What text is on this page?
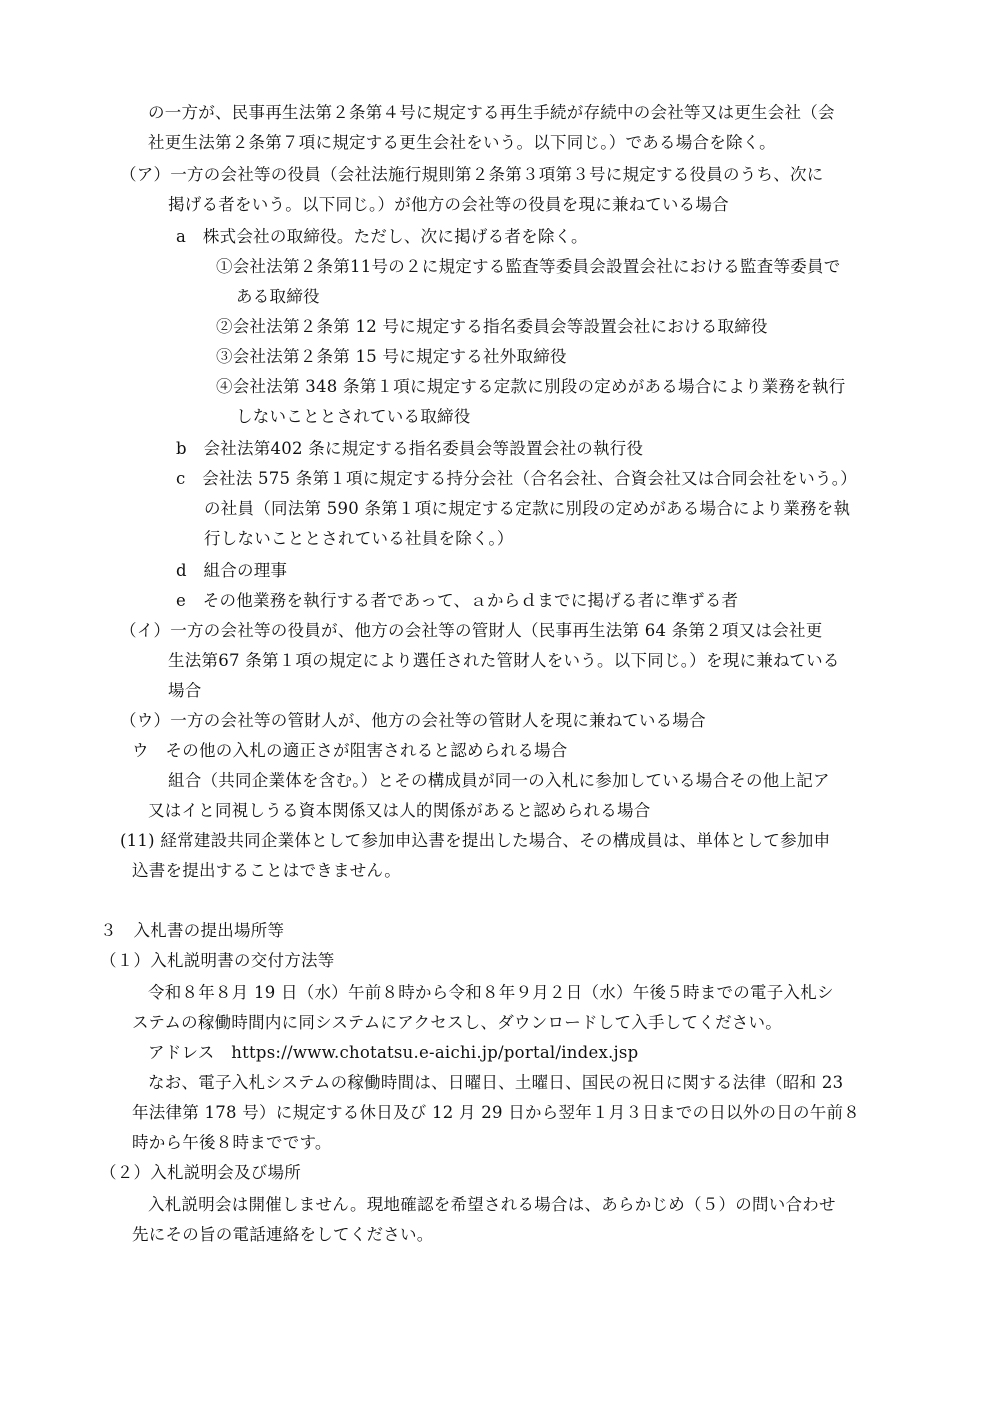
の一方が、民事再生法第２条第４号に規定する再生手続が存続中の会社等又は更生会社（会

社更生法第２条第７項に規定する更生会社をいう。以下同じ。）である場合を除く。

（ア）一方の会社等の役員（会社法施行規則第２条第３項第３号に規定する役員のうち、次に

掲げる者をいう。以下同じ。）が他方の会社等の役員を現に兼ねている場合

a　株式会社の取締役。ただし、次に掲げる者を除く。

①会社法第２条第11号の２に規定する監査等委員会設置会社における監査等委員で

ある取締役

②会社法第２条第 12 号に規定する指名委員会等設置会社における取締役

③会社法第２条第 15 号に規定する社外取締役

④会社法第 348 条第１項に規定する定款に別段の定めがある場合により業務を執行

しないこととされている取締役

b　会社法第402 条に規定する指名委員会等設置会社の執行役

c　会社法 575 条第１項に規定する持分会社（合名会社、合資会社又は合同会社をいう。）

の社員（同法第 590 条第１項に規定する定款に別段の定めがある場合により業務を執

行しないこととされている社員を除く。）

d　組合の理事

e　その他業務を執行する者であって、ａからｄまでに掲げる者に準ずる者

（イ）一方の会社等の役員が、他方の会社等の管財人（民事再生法第 64 条第２項又は会社更

生法第67 条第１項の規定により選任された管財人をいう。以下同じ。）を現に兼ねている

場合

（ウ）一方の会社等の管財人が、他方の会社等の管財人を現に兼ねている場合

ウ　その他の入札の適正さが阻害されると認められる場合

組合（共同企業体を含む。）とその構成員が同一の入札に参加している場合その他上記ア

又はイと同視しうる資本関係又は人的関係があると認められる場合

(11) 経常建設共同企業体として参加申込書を提出した場合、その構成員は、単体として参加申

込書を提出することはできません。

３　入札書の提出場所等

（１）入札説明書の交付方法等

令和８年８月 19 日（水）午前８時から令和８年９月２日（水）午後５時までの電子入札シ

ステムの稼働時間内に同システムにアクセスし、ダウンロードして入手してください。

アドレス　https://www.chotatsu.e-aichi.jp/portal/index.jsp

なお、電子入札システムの稼働時間は、日曜日、土曜日、国民の祝日に関する法律（昭和 23

年法律第 178 号）に規定する休日及び 12 月 29 日から翌年１月３日までの日以外の日の午前８

時から午後８時までです。

（２）入札説明会及び場所

入札説明会は開催しません。現地確認を希望される場合は、あらかじめ（５）の問い合わせ

先にその旨の電話連絡をしてください。
